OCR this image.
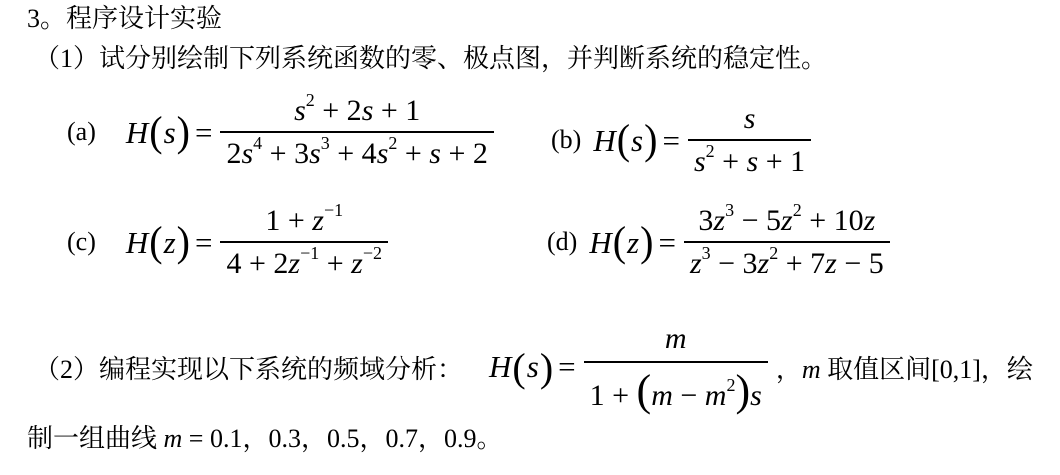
3。程序设计实验
（1）试分别绘制下列系统函数的零、极点图，并判断系统的稳定性。
(a) H ( s ) = $\frac{s^2 + 2s + 1}{2s^4 + 3s^3 + 4s^2 + s + 2} (b)$ H ( s ) = $\frac{s}{s^2 + s + 1}$
(c) H ( z ) = $\frac{1 + z^{-1}}{4 + 2z^{-1} + z^{-2}}$	(d) H ( z ) = $\frac{3z^3 - 5z^2 + 10z}{z^3 - 3z^2 + 7z - 5}$
（2）编程实现以下系统的频域分析： H ( s ) = $\frac{m}{1 + (m - m^2)s}$ ，m 取值区间[0,1]，绘
制一组曲线 m = 0.1，0.3，0.5，0.7，0.9。
